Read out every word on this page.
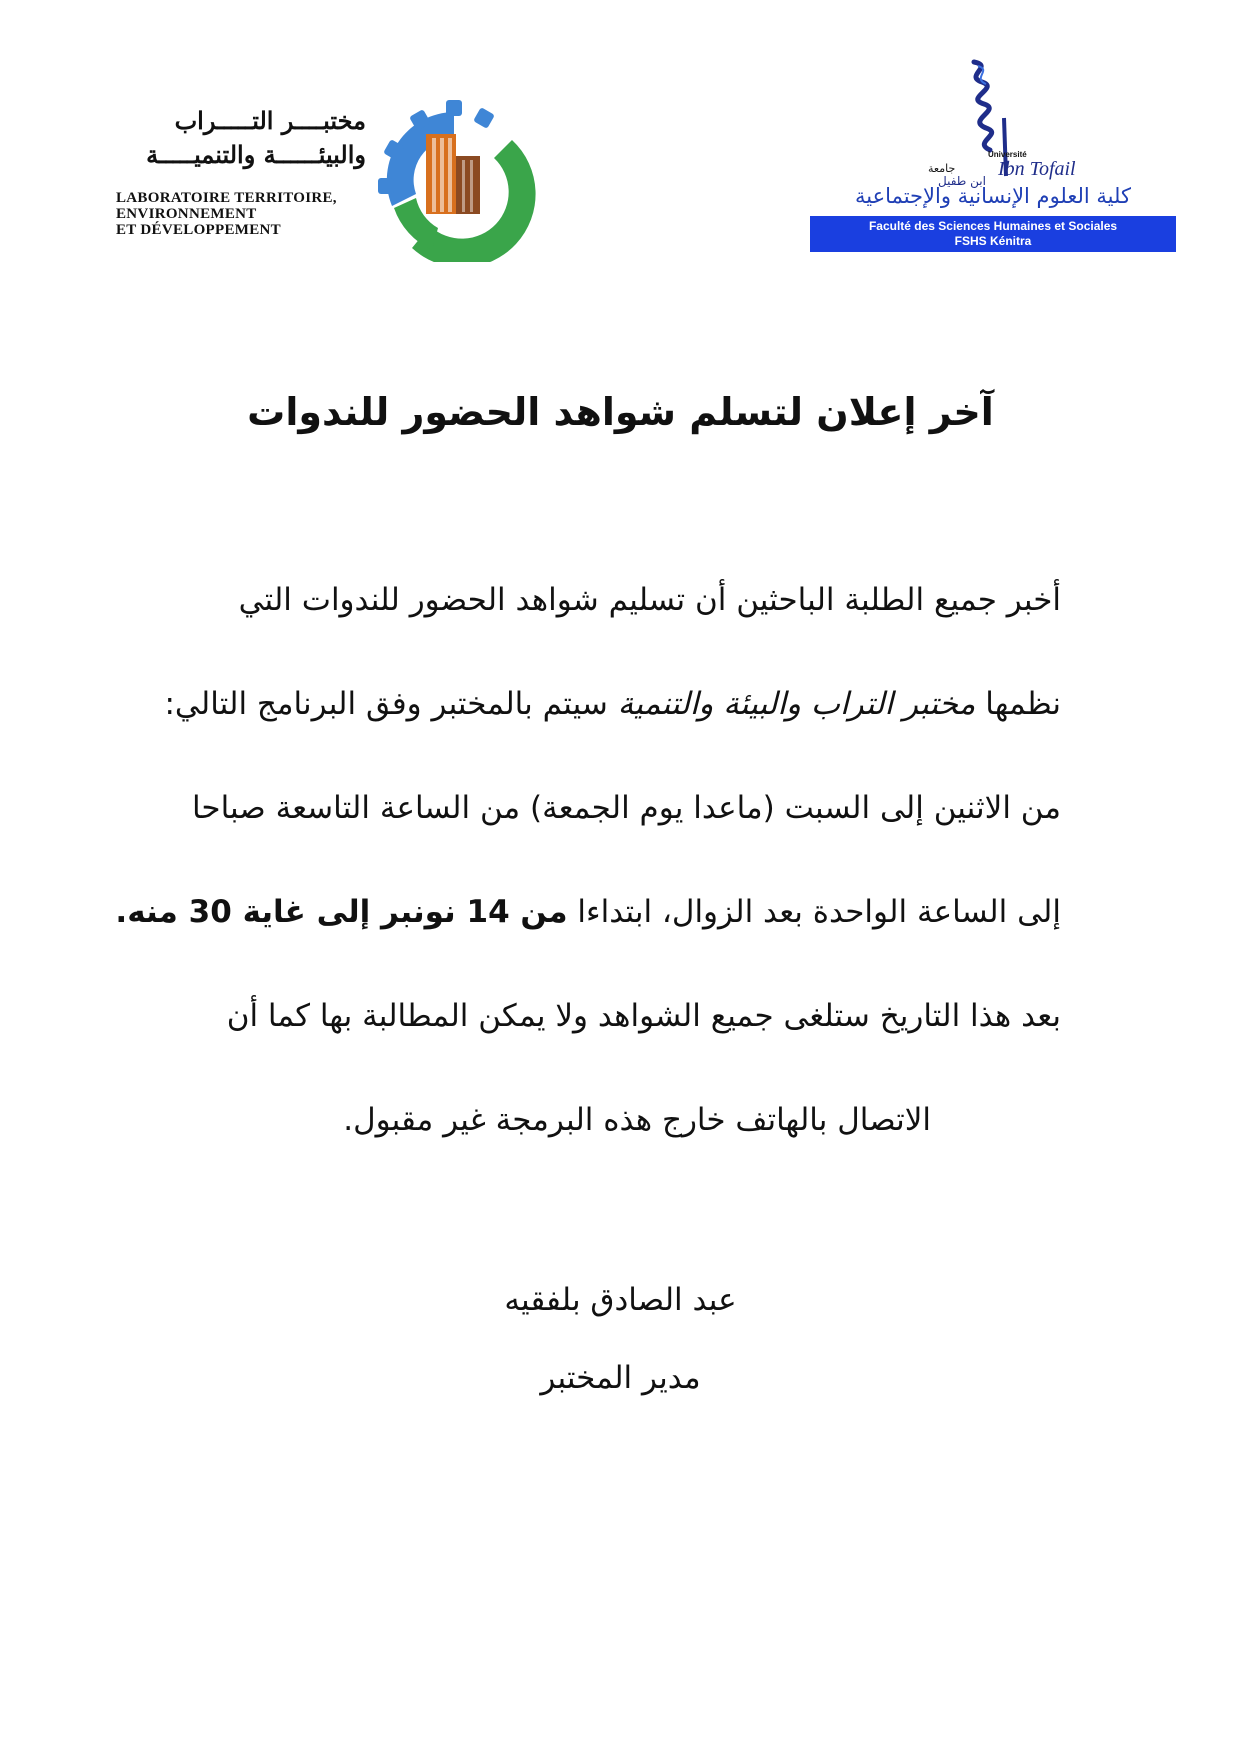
مختبــــر التـــــراب
والبيئــــــة والتنميـــــة
LABORATOIRE TERRITOIRE,
ENVIRONNEMENT
ET DÉVELOPPEMENT
Université
جامعة Ibn Tofail
ابن طفيل
كلية العلوم الإنسانية والإجتماعية
Faculté des Sciences Humaines et Sociales
FSHS Kénitra
آخر إعلان لتسلم شواهد الحضور للندوات
أخبر جميع الطلبة الباحثين أن تسليم شواهد الحضور للندوات التي
نظمها مختبر التراب والبيئة والتنمية سيتم بالمختبر وفق البرنامج التالي:
من الاثنين إلى السبت (ماعدا يوم الجمعة) من الساعة التاسعة صباحا
إلى الساعة الواحدة بعد الزوال، ابتداءا من 14 نونبر إلى غاية 30 منه.
بعد هذا التاريخ ستلغى جميع الشواهد ولا يمكن المطالبة بها كما أن
الاتصال بالهاتف خارج هذه البرمجة غير مقبول.
عبد الصادق بلفقيه
مدير المختبر
